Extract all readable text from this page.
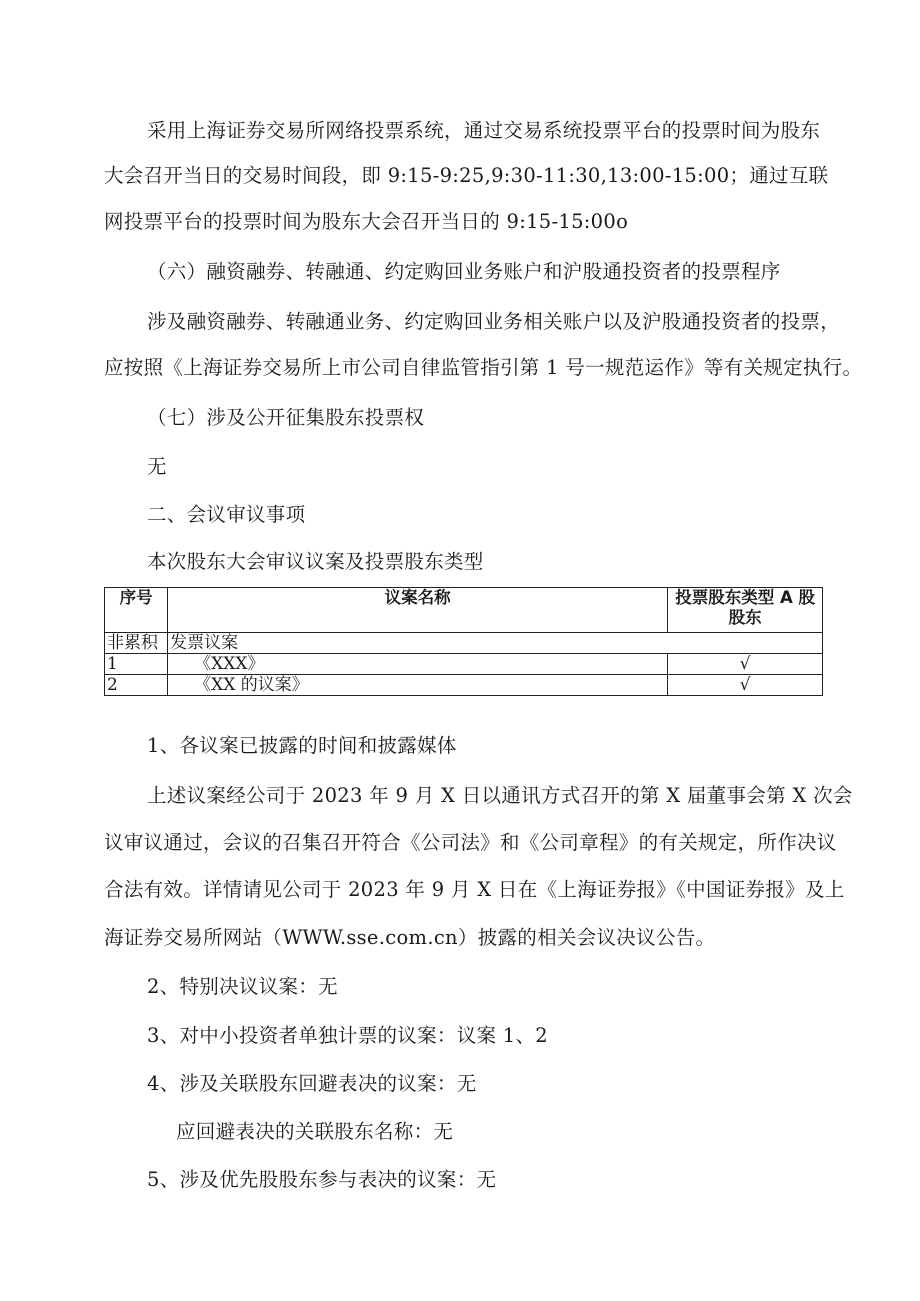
采用上海证券交易所网络投票系统，通过交易系统投票平台的投票时间为股东

大会召开当日的交易时间段，即 9:15-9:25,9:30-11:30,13:00-15:00；通过互联

网投票平台的投票时间为股东大会召开当日的 9:15-15:00o

（六）融资融券、转融通、约定购回业务账户和沪股通投资者的投票程序

涉及融资融券、转融通业务、约定购回业务相关账户以及沪股通投资者的投票，

应按照《上海证券交易所上市公司自律监管指引第 1 号一规范运作》等有关规定执行。

（七）涉及公开征集股东投票权

无

二、会议审议事项

本次股东大会审议议案及投票股东类型

序号	议案名称	投票股东类型 A 股
股东

非累积	发票议案	
1	《XXX》	√
2	《XX 的议案》	√

1、各议案已披露的时间和披露媒体

上述议案经公司于 2023 年 9 月 X 日以通讯方式召开的第 X 届董事会第 X 次会

议审议通过，会议的召集召开符合《公司法》和《公司章程》的有关规定，所作决议

合法有效。详情请见公司于 2023 年 9 月 X 日在《上海证券报》《中国证券报》及上

海证券交易所网站（WWW.sse.com.cn）披露的相关会议决议公告。

2、特别决议议案：无

3、对中小投资者单独计票的议案：议案 1、2

4、涉及关联股东回避表决的议案：无

应回避表决的关联股东名称：无

5、涉及优先股股东参与表决的议案：无
